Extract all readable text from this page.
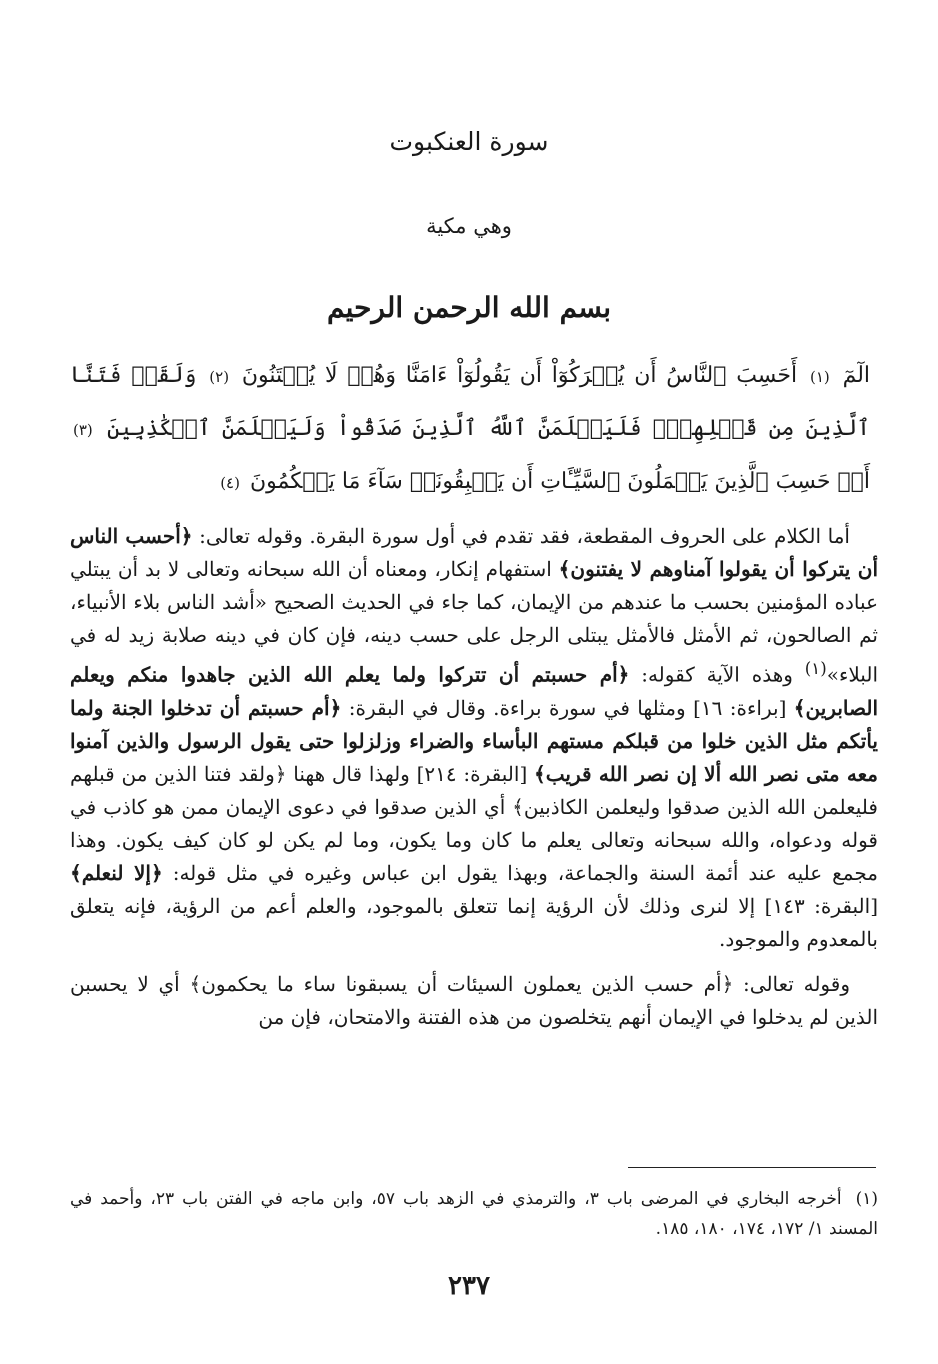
سورة العنكبوت
وهي مكية
بسم الله الرحمن الرحيم
الٓمٓ (١) أَحَسِبَ ٱلنَّاسُ أَن يُتۡرَكُوٓاْ أَن يَقُولُوٓاْ ءَامَنَّا وَهُمۡ لَا يُفۡتَنُونَ (٢) وَلَقَدۡ فَتَنَّا ٱلَّذِينَ مِن قَبۡلِهِمۡۖ فَلَيَعۡلَمَنَّ ٱللَّهُ ٱلَّذِينَ صَدَقُواْ وَلَيَعۡلَمَنَّ ٱلۡكَٰذِبِينَ (٣) أَمۡ حَسِبَ ٱلَّذِينَ يَعۡمَلُونَ ٱلسَّيِّـَٔاتِ أَن يَسۡبِقُونَاۚ سَآءَ مَا يَحۡكُمُونَ (٤)

أما الكلام على الحروف المقطعة، فقد تقدم في أول سورة البقرة. وقوله تعالى: ﴿أحسب الناس أن يتركوا أن يقولوا آمناوهم لا يفتنون﴾ استفهام إنكار، ومعناه أن الله سبحانه وتعالى لا بد أن يبتلي عباده المؤمنين بحسب ما عندهم من الإيمان، كما جاء في الحديث الصحيح «أشد الناس بلاء الأنبياء، ثم الصالحون، ثم الأمثل فالأمثل يبتلى الرجل على حسب دينه، فإن كان في دينه صلابة زيد له في البلاء»$^{(١)}$ وهذه الآية كقوله: ﴿أم حسبتم أن تتركوا ولما يعلم الله الذين جاهدوا منكم ويعلم الصابرين﴾ [براءة: ١٦] ومثلها في سورة براءة. وقال في البقرة: ﴿أم حسبتم أن تدخلوا الجنة ولما يأتكم مثل الذين خلوا من قبلكم مستهم البأساء والضراء وزلزلوا حتى يقول الرسول والذين آمنوا معه متى نصر الله ألا إن نصر الله قريب﴾ [البقرة: ٢١٤] ولهذا قال ههنا ﴿ولقد فتنا الذين من قبلهم فليعلمن الله الذين صدقوا وليعلمن الكاذبين﴾ أي الذين صدقوا في دعوى الإيمان ممن هو كاذب في قوله ودعواه، والله سبحانه وتعالى يعلم ما كان وما يكون، وما لم يكن لو كان كيف يكون. وهذا مجمع عليه عند أئمة السنة والجماعة، وبهذا يقول ابن عباس وغيره في مثل قوله: ﴿إلا لنعلم﴾ [البقرة: ١٤٣] إلا لنرى وذلك لأن الرؤية إنما تتعلق بالموجود، والعلم أعم من الرؤية، فإنه يتعلق بالمعدوم والموجود.

وقوله تعالى: ﴿أم حسب الذين يعملون السيئات أن يسبقونا ساء ما يحكمون﴾ أي لا يحسبن الذين لم يدخلوا في الإيمان أنهم يتخلصون من هذه الفتنة والامتحان، فإن من

(١)أخرجه البخاري في المرضى باب ٣، والترمذي في الزهد باب ٥٧، وابن ماجه في الفتن باب ٢٣، وأحمد في المسند ١/ ١٧٢، ١٧٤، ١٨٠، ١٨٥.
٢٣٧
